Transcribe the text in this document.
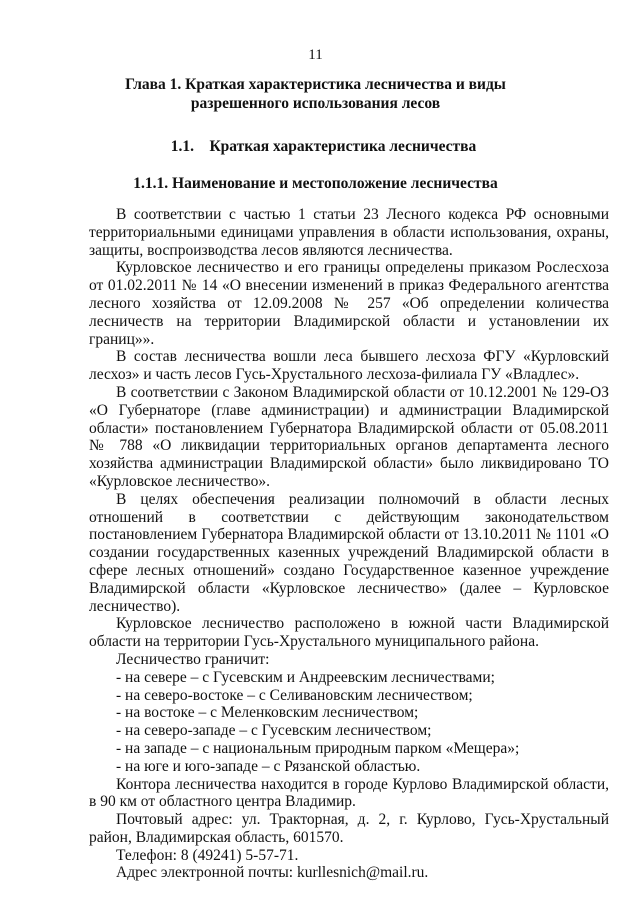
11
Глава 1. Краткая характеристика лесничества и виды
разрешенного использования лесов
1.1.    Краткая характеристика лесничества
1.1.1. Наименование и местоположение лесничества

В соответствии с частью 1 статьи 23 Лесного кодекса РФ основными территориальными единицами управления в области использования, охраны, защиты, воспроизводства лесов являются лесничества.

Курловское лесничество и его границы определены приказом Рослесхоза от 01.02.2011 № 14 «О внесении изменений в приказ Федерального агентства лесного хозяйства от 12.09.2008 № 257 «Об определении количества лесничеств на территории Владимирской области и установлении их границ»».

В состав лесничества вошли леса бывшего лесхоза ФГУ «Курловский лесхоз» и часть лесов Гусь-Хрустального лесхоза-филиала ГУ «Владлес».

В соответствии с Законом Владимирской области от 10.12.2001 № 129-ОЗ «О Губернаторе (главе администрации) и администрации Владимирской области» постановлением Губернатора Владимирской области от 05.08.2011 № 788 «О ликвидации территориальных органов департамента лесного хозяйства администрации Владимирской области» было ликвидировано ТО «Курловское лесничество».

В целях обеспечения реализации полномочий в области лесных отношений в соответствии с действующим законодательством постановлением Губернатора Владимирской области от 13.10.2011 № 1101 «О создании государственных казенных учреждений Владимирской области в сфере лесных отношений» создано Государственное казенное учреждение Владимирской области «Курловское лесничество» (далее – Курловское лесничество).

Курловское лесничество расположено в южной части Владимирской области на территории Гусь-Хрустального муниципального района.

Лесничество граничит:

- на севере – с Гусевским и Андреевским лесничествами;
- на северо-востоке – с Селивановским лесничеством;
- на востоке – с Меленковским лесничеством;
- на северо-западе – с Гусевским лесничеством;
- на западе – с национальным природным парком «Мещера»;
- на юге и юго-западе – с Рязанской областью.

Контора лесничества находится в городе Курлово Владимирской области, в 90 км от областного центра Владимир.

Почтовый адрес: ул. Тракторная, д. 2, г. Курлово, Гусь-Хрустальный район, Владимирская область, 601570.

Телефон: 8 (49241) 5-57-71.

Адрес электронной почты: kurllesnich@mail.ru.
